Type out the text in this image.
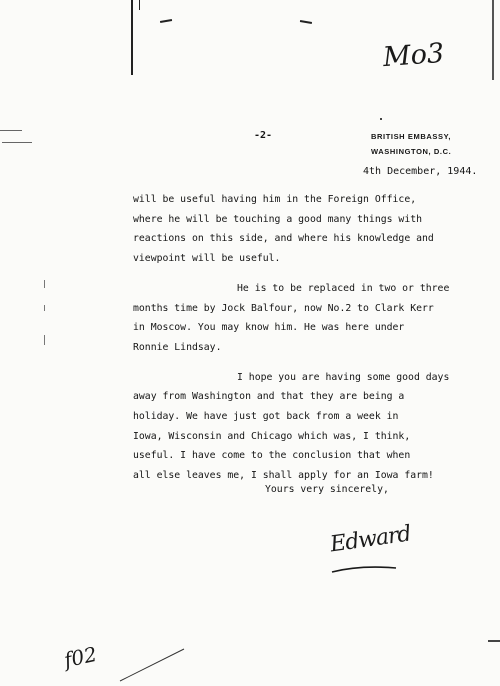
Mo3
-2-	BRITISH EMBASSY,
WASHINGTON, D.C.
4th December, 1944.

will be useful having him in the Foreign Office,
where he will be touching a good many things with
reactions on this side, and where his knowledge and
viewpoint will be useful.

He is to be replaced in two or three
months time by Jock Balfour, now No.2 to Clark Kerr
in Moscow. You may know him. He was here under
Ronnie Lindsay.

I hope you are having some good days
away from Washington and that they are being a
holiday. We have just got back from a week in
Iowa, Wisconsin and Chicago which was, I think,
useful. I have come to the conclusion that when
all else leaves me, I shall apply for an Iowa farm!

Yours very sincerely,
Edward
f02
